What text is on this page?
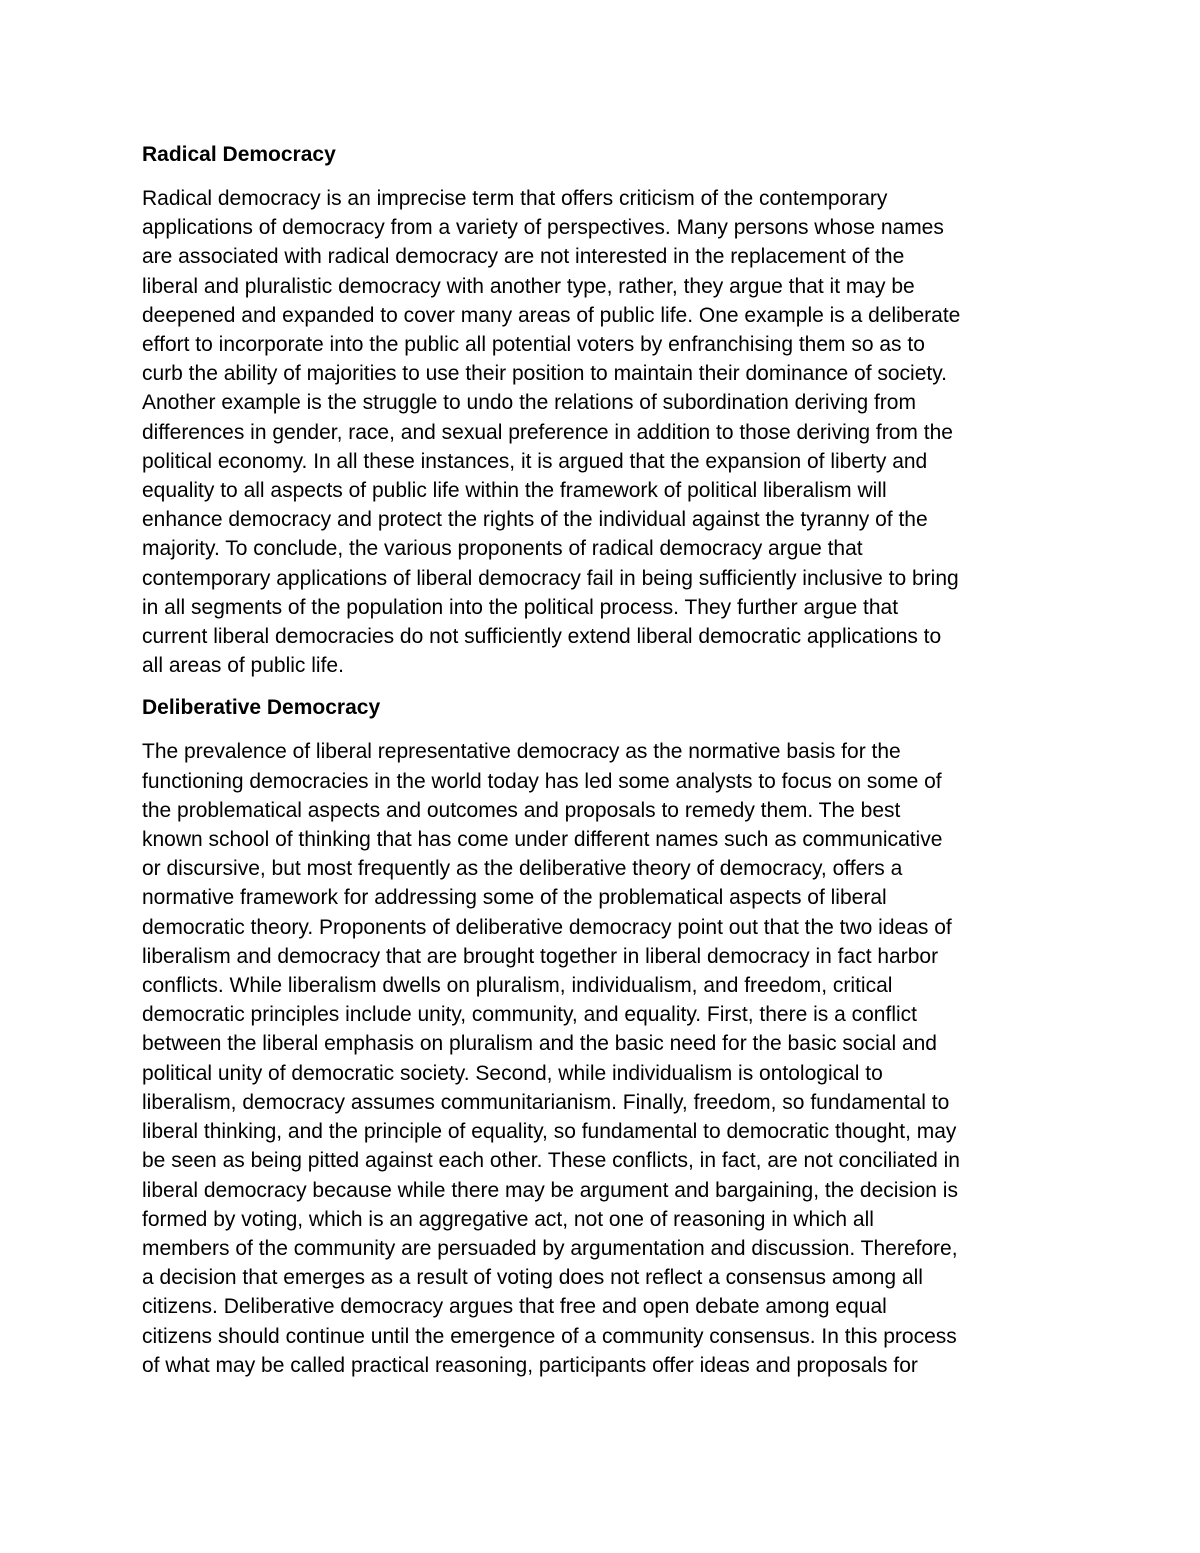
Radical Democracy

Radical democracy is an imprecise term that offers criticism of the contemporary
applications of democracy from a variety of perspectives. Many persons whose names
are associated with radical democracy are not interested in the replacement of the
liberal and pluralistic democracy with another type, rather, they argue that it may be
deepened and expanded to cover many areas of public life. One example is a deliberate
effort to incorporate into the public all potential voters by enfranchising them so as to
curb the ability of majorities to use their position to maintain their dominance of society.
Another example is the struggle to undo the relations of subordination deriving from
differences in gender, race, and sexual preference in addition to those deriving from the
political economy. In all these instances, it is argued that the expansion of liberty and
equality to all aspects of public life within the framework of political liberalism will
enhance democracy and protect the rights of the individual against the tyranny of the
majority. To conclude, the various proponents of radical democracy argue that
contemporary applications of liberal democracy fail in being sufficiently inclusive to bring
in all segments of the population into the political process. They further argue that
current liberal democracies do not sufficiently extend liberal democratic applications to
all areas of public life.

Deliberative Democracy

The prevalence of liberal representative democracy as the normative basis for the
functioning democracies in the world today has led some analysts to focus on some of
the problematical aspects and outcomes and proposals to remedy them. The best
known school of thinking that has come under different names such as communicative
or discursive, but most frequently as the deliberative theory of democracy, offers a
normative framework for addressing some of the problematical aspects of liberal
democratic theory. Proponents of deliberative democracy point out that the two ideas of
liberalism and democracy that are brought together in liberal democracy in fact harbor
conflicts. While liberalism dwells on pluralism, individualism, and freedom, critical
democratic principles include unity, community, and equality. First, there is a conflict
between the liberal emphasis on pluralism and the basic need for the basic social and
political unity of democratic society. Second, while individualism is ontological to
liberalism, democracy assumes communitarianism. Finally, freedom, so fundamental to
liberal thinking, and the principle of equality, so fundamental to democratic thought, may
be seen as being pitted against each other. These conflicts, in fact, are not conciliated in
liberal democracy because while there may be argument and bargaining, the decision is
formed by voting, which is an aggregative act, not one of reasoning in which all
members of the community are persuaded by argumentation and discussion. Therefore,
a decision that emerges as a result of voting does not reflect a consensus among all
citizens. Deliberative democracy argues that free and open debate among equal
citizens should continue until the emergence of a community consensus. In this process
of what may be called practical reasoning, participants offer ideas and proposals for
